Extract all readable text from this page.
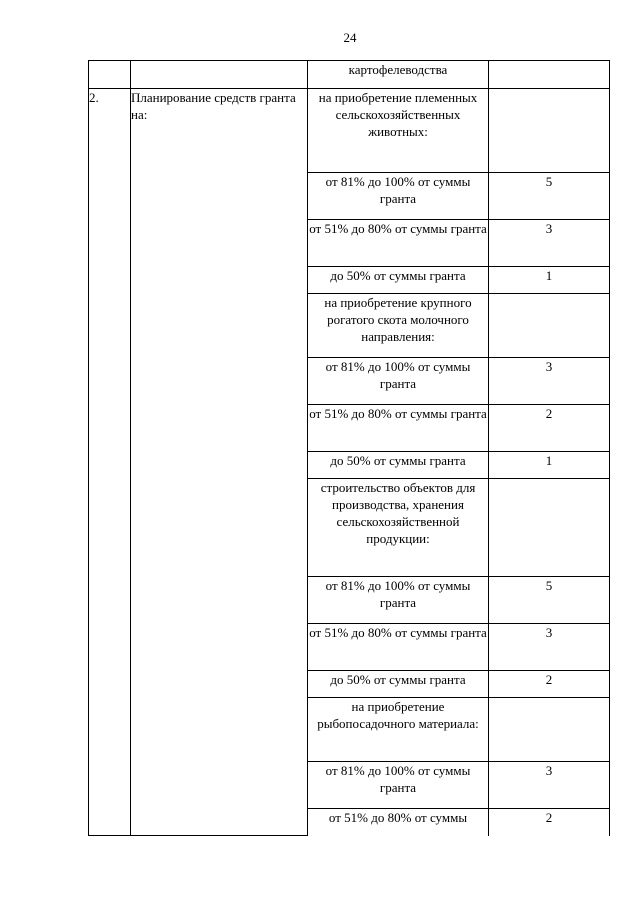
24
		картофелеводства	
2.	Планирование средств гранта на:	на приобретение племенных сельскохозяйственных животных:	
		от 81% до 100% от суммы гранта	5
		от 51% до 80% от суммы гранта	3
		до 50% от суммы гранта	1
		на приобретение крупного рогатого скота молочного направления:	
		от 81% до 100% от суммы гранта	3
		от 51% до 80% от суммы гранта	2
		до 50% от суммы гранта	1
		строительство объектов для производства, хранения сельскохозяйственной продукции:	
		от 81% до 100% от суммы гранта	5
		от 51% до 80% от суммы гранта	3
		до 50% от суммы гранта	2
		на приобретение рыбопосадочного материала:	
		от 81% до 100% от суммы гранта	3
		от 51% до 80% от суммы	2
